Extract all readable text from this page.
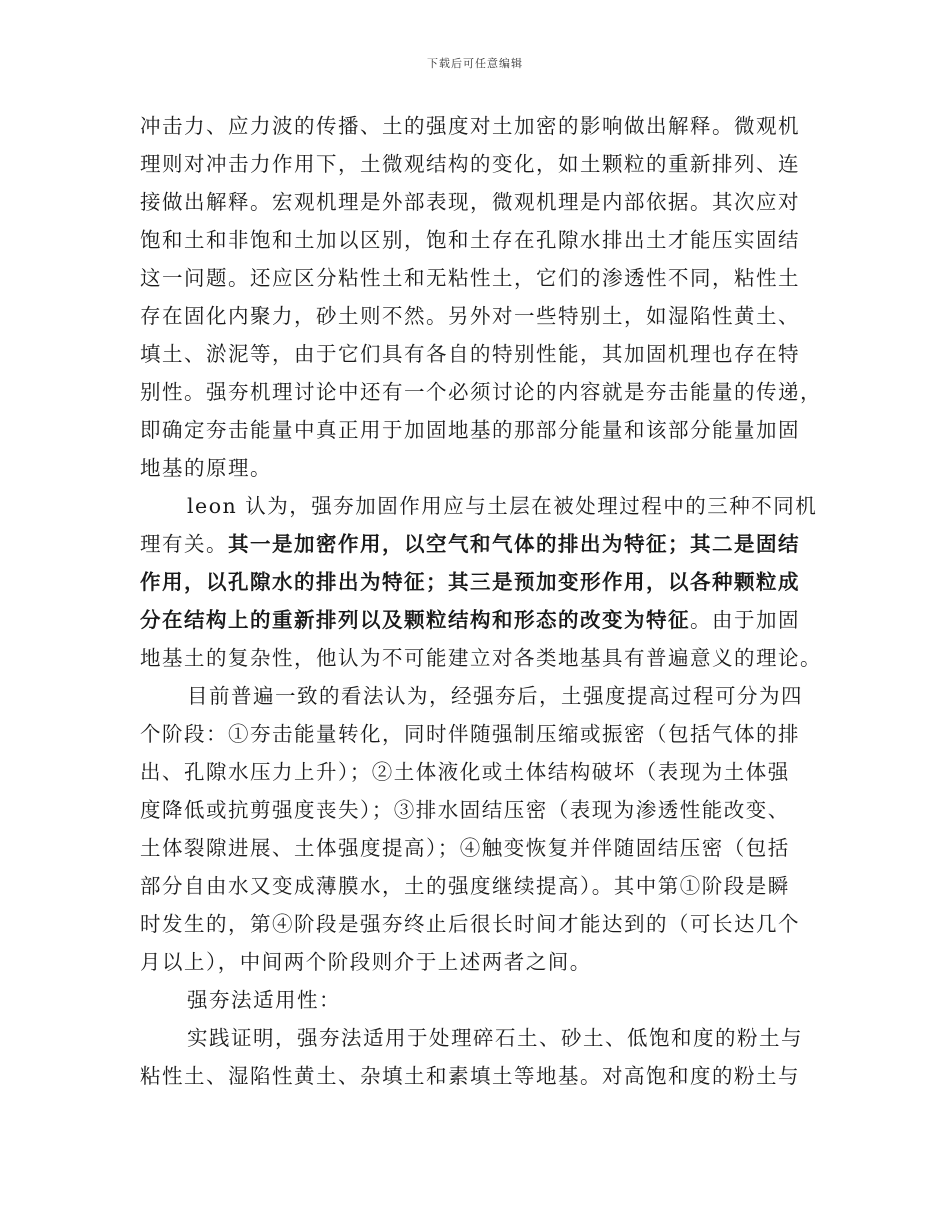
下载后可任意编辑
冲击力、应力波的传播、土的强度对土加密的影响做出解释。微观机
理则对冲击力作用下，土微观结构的变化，如土颗粒的重新排列、连
接做出解释。宏观机理是外部表现，微观机理是内部依据。其次应对
饱和土和非饱和土加以区别，饱和土存在孔隙水排出土才能压实固结
这一问题。还应区分粘性土和无粘性土，它们的渗透性不同，粘性土
存在固化内聚力，砂土则不然。另外对一些特别土，如湿陷性黄土、
填土、淤泥等，由于它们具有各自的特别性能，其加固机理也存在特
别性。强夯机理讨论中还有一个必须讨论的内容就是夯击能量的传递，
即确定夯击能量中真正用于加固地基的那部分能量和该部分能量加固
地基的原理。
leon 认为，强夯加固作用应与土层在被处理过程中的三种不同机
理有关。其一是加密作用，以空气和气体的排出为特征；其二是固结
作用，以孔隙水的排出为特征；其三是预加变形作用，以各种颗粒成
分在结构上的重新排列以及颗粒结构和形态的改变为特征。由于加固
地基土的复杂性，他认为不可能建立对各类地基具有普遍意义的理论。
目前普遍一致的看法认为，经强夯后，土强度提高过程可分为四
个阶段：①夯击能量转化，同时伴随强制压缩或振密（包括气体的排
出、孔隙水压力上升）；②土体液化或土体结构破坏（表现为土体强
度降低或抗剪强度丧失）；③排水固结压密（表现为渗透性能改变、
土体裂隙进展、土体强度提高）；④触变恢复并伴随固结压密（包括
部分自由水又变成薄膜水，土的强度继续提高）。其中第①阶段是瞬
时发生的，第④阶段是强夯终止后很长时间才能达到的（可长达几个
月以上），中间两个阶段则介于上述两者之间。
强夯法适用性：
实践证明，强夯法适用于处理碎石土、砂土、低饱和度的粉土与
粘性土、湿陷性黄土、杂填土和素填土等地基。对高饱和度的粉土与
